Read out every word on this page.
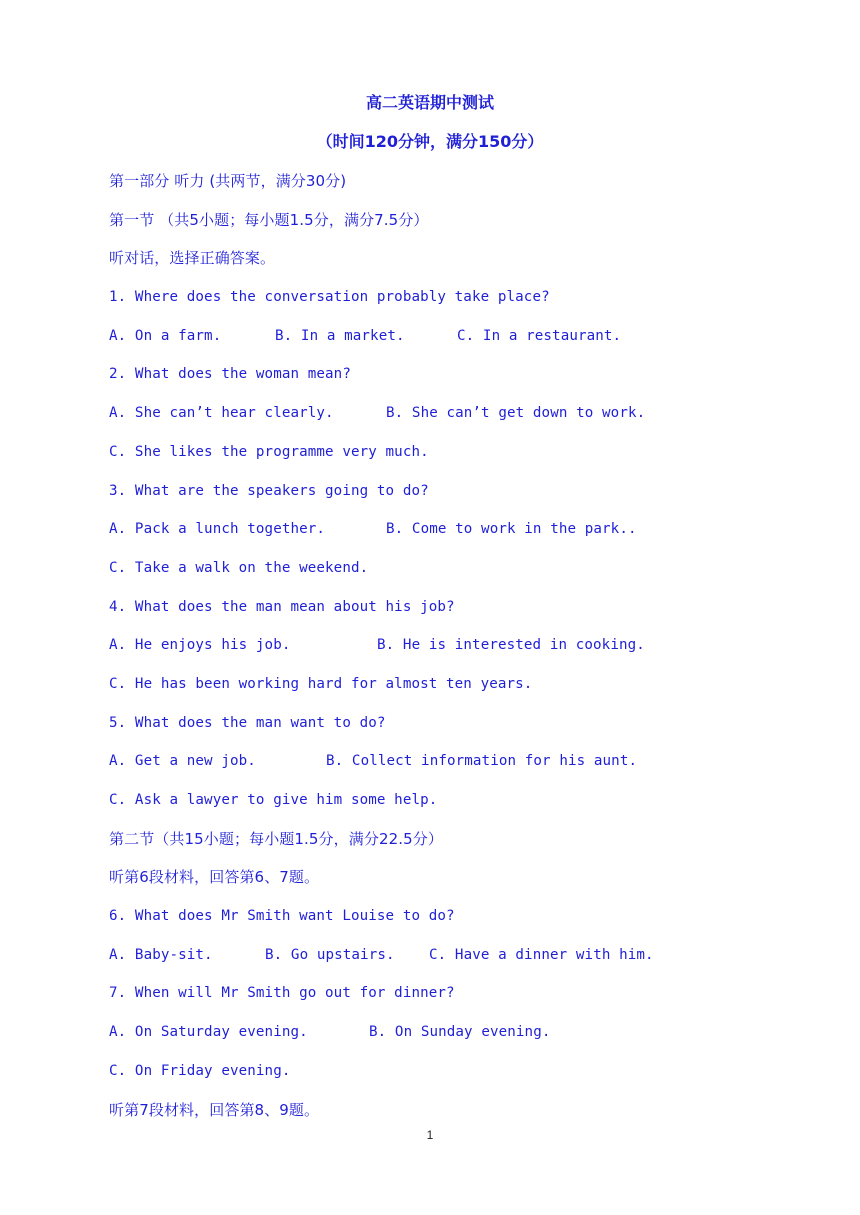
高二英语期中测试
（时间120分钟，满分150分）
第一部分 听力 (共两节，满分30分)
第一节 （共5小题；每小题1.5分，满分7.5分）
听对话，选择正确答案。
1. Where does the conversation probably take place?
A. On a farm.	B. In a market.	C. In a restaurant.
2. What does the woman mean?
A. She can’t hear clearly.	B. She can’t get down to work.
C. She likes the programme very much.
3. What are the speakers going to do?
A. Pack a lunch together.	B. Come to work in the park..
C. Take a walk on the weekend.
4. What does the man mean about his job?
A. He enjoys his job.	B. He is interested in cooking.
C. He has been working hard for almost ten years.
5. What does the man want to do?
A. Get a new job.	B. Collect information for his aunt.
C. Ask a lawyer to give him some help.
第二节（共15小题；每小题1.5分，满分22.5分）
听第6段材料，回答第6、7题。
6. What does Mr Smith want Louise to do?
A. Baby-sit.	B. Go upstairs. C. Have a dinner with him.
7. When will Mr Smith go out for dinner?
A. On Saturday evening.	B. On Sunday evening.
C. On Friday evening.
听第7段材料，回答第8、9题。
1
